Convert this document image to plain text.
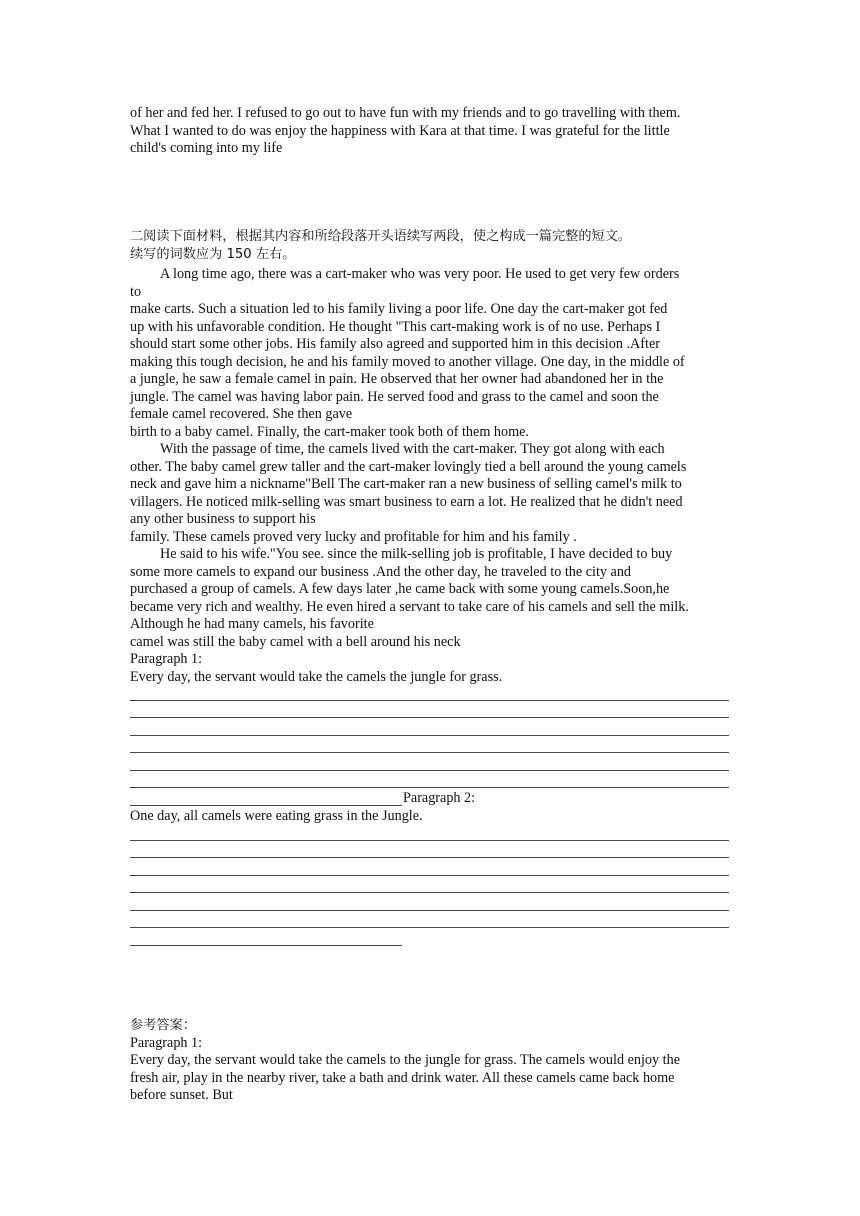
of her and fed her. I refused to go out to have fun with my friends and to go travelling with them.
What I wanted to do was enjoy the happiness with Kara at that time. I was grateful for the little
child's coming into my life
二阅读下面材料，根据其内容和所给段落开头语续写两段，使之构成一篇完整的短文。
续写的词数应为 150 左右。
A long time ago, there was a cart-maker who was very poor. He used to get very few orders
to
make carts. Such a situation led to his family living a poor life. One day the cart-maker got fed
up with his unfavorable condition. He thought "This cart-making work is of no use. Perhaps I
should start some other jobs. His family also agreed and supported him in this decision .After
making this tough decision, he and his family moved to another village. One day, in the middle of
a jungle, he saw a female camel in pain. He observed that her owner had abandoned her in the
jungle. The camel was having labor pain. He served food and grass to the camel and soon the
female camel recovered. She then gave
birth to a baby camel. Finally, the cart-maker took both of them home.
With the passage of time, the camels lived with the cart-maker. They got along with each
other. The baby camel grew taller and the cart-maker lovingly tied a bell around the young camels
neck and gave him a nickname"Bell The cart-maker ran a new business of selling camel's milk to
villagers. He noticed milk-selling was smart business to earn a lot. He realized that he didn't need
any other business to support his
family. These camels proved very lucky and profitable for him and his family .
He said to his wife."You see. since the milk-selling job is profitable, I have decided to buy
some more camels to expand our business .And the other day, he traveled to the city and
purchased a group of camels. A few days later ,he came back with some young camels.Soon,he
became very rich and wealthy. He even hired a servant to take care of his camels and sell the milk.
Although he had many camels, his favorite
camel was still the baby camel with a bell around his neck
Paragraph 1:
Every day, the servant would take the camels the jungle for grass.
Paragraph 2:
One day, all camels were eating grass in the Jungle.
参考答案：
Paragraph 1:
Every day, the servant would take the camels to the jungle for grass. The camels would enjoy the
fresh air, play in the nearby river, take a bath and drink water. All these camels came back home
before sunset. But
